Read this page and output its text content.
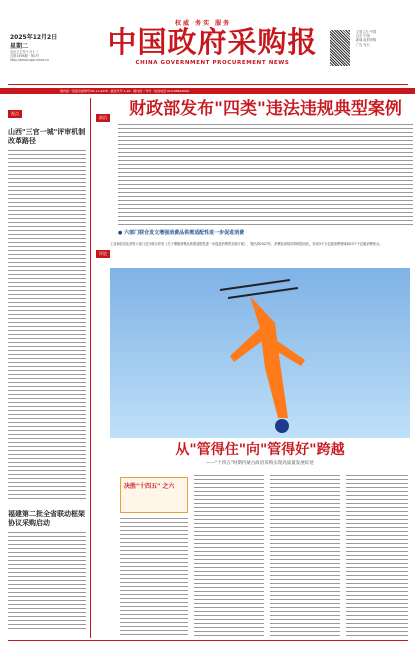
权威 务实 服务
2025年12月2日
星期二
农历乙巳年十月十三
总第1498期 · 第1号
http://www.cgpr.news.cn
中国政府采购报
CHINA GOVERNMENT PROCUREMENT NEWS
主管主办 中国
社长 中国
新闻 政府采购
广告 发行
国内统一连续出版物号CN 11-0276 · 邮发代号 1-94 · 国内统一刊号 · 热线电话 010-88640000
视点
山西"三官一城"评审机制改革路径
福建第二批全省联动框架协议采购启动
前沿
评论
财政部发布"四类"违法违规典型案例
● 六部门联合发文增强消费品供需适配性进一步促进消费
工业和信息化部等六部门近日联合印发《关于增强消费品供需适配性进一步促进消费的实施方案》，提出到2027年，消费品供给结构明显优化，形成3个万亿级消费领域和10个千亿级消费热点。
从"管得住"向"管得好"跨越
——"十四五"时期内蒙古政府采购实现高质量发展综述
决胜"十四五" 之六
